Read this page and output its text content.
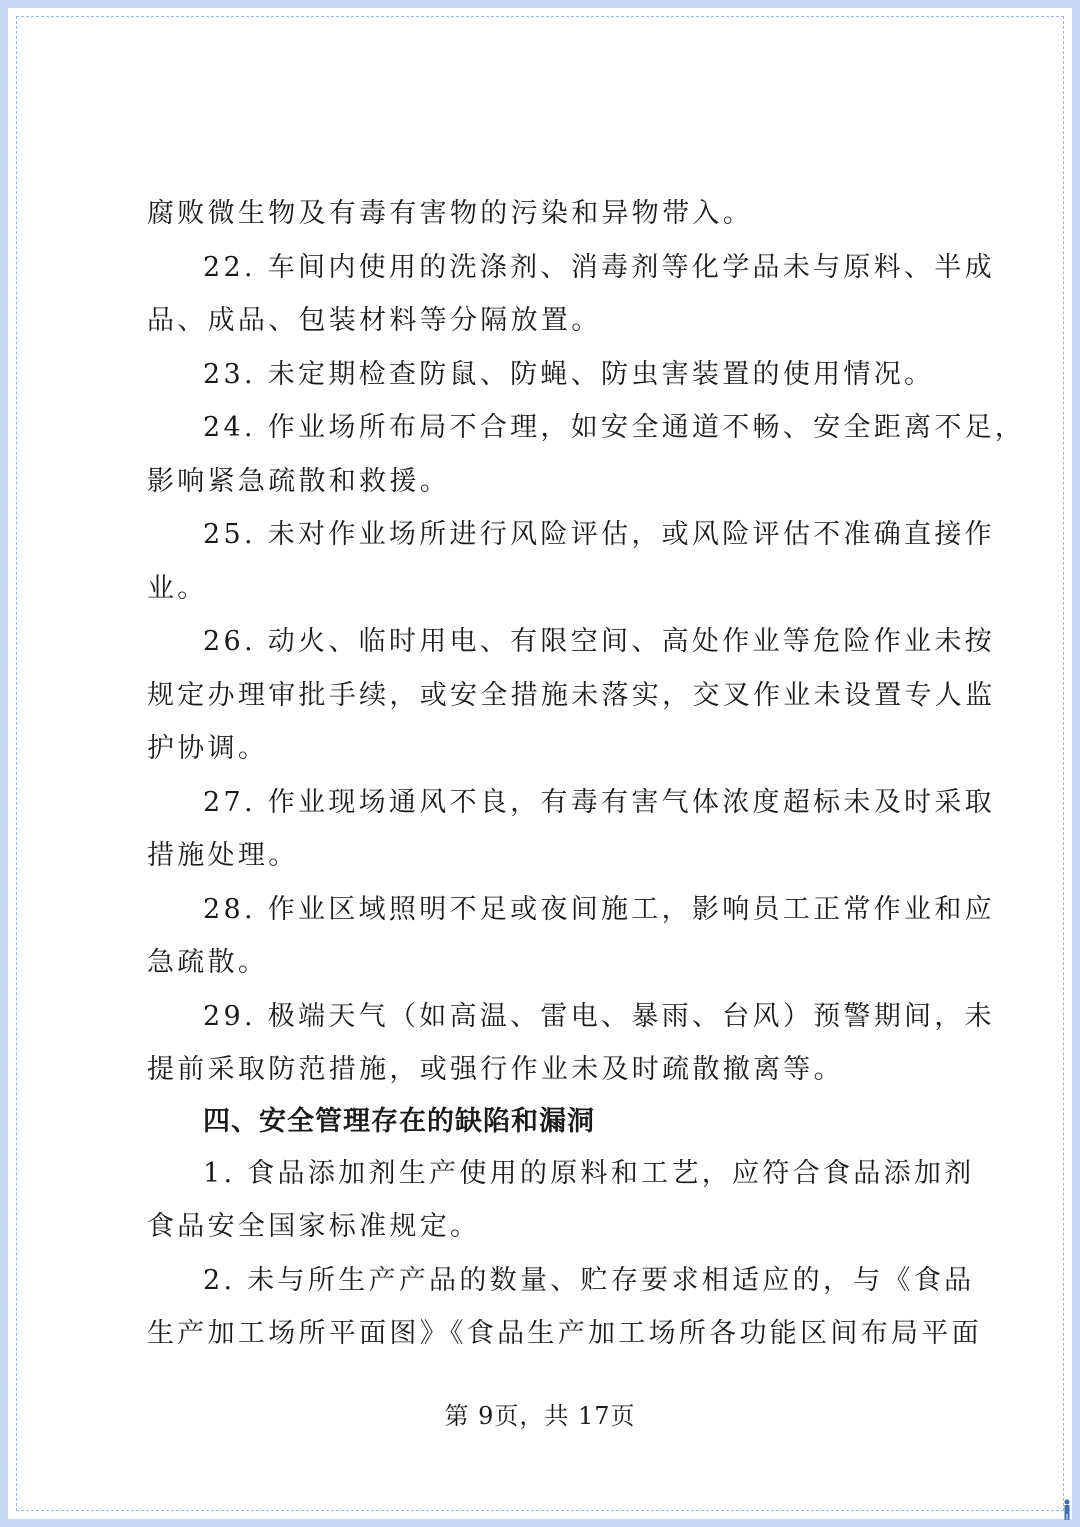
腐败微生物及有毒有害物的污染和异物带入。
22. 车间内使用的洗涤剂、消毒剂等化学品未与原料、半成
品、成品、包装材料等分隔放置。
23. 未定期检查防鼠、防蝇、防虫害装置的使用情况。
24. 作业场所布局不合理，如安全通道不畅、安全距离不足，
影响紧急疏散和救援。
25. 未对作业场所进行风险评估，或风险评估不准确直接作
业。
26. 动火、临时用电、有限空间、高处作业等危险作业未按
规定办理审批手续，或安全措施未落实，交叉作业未设置专人监
护协调。
27. 作业现场通风不良，有毒有害气体浓度超标未及时采取
措施处理。
28. 作业区域照明不足或夜间施工，影响员工正常作业和应
急疏散。
29. 极端天气（如高温、雷电、暴雨、台风）预警期间，未
提前采取防范措施，或强行作业未及时疏散撤离等。
四、安全管理存在的缺陷和漏洞
1. 食品添加剂生产使用的原料和工艺，应符合食品添加剂
食品安全国家标准规定。
2. 未与所生产产品的数量、贮存要求相适应的，与《食品
生产加工场所平面图》《食品生产加工场所各功能区间布局平面
第 9页，共 17页
